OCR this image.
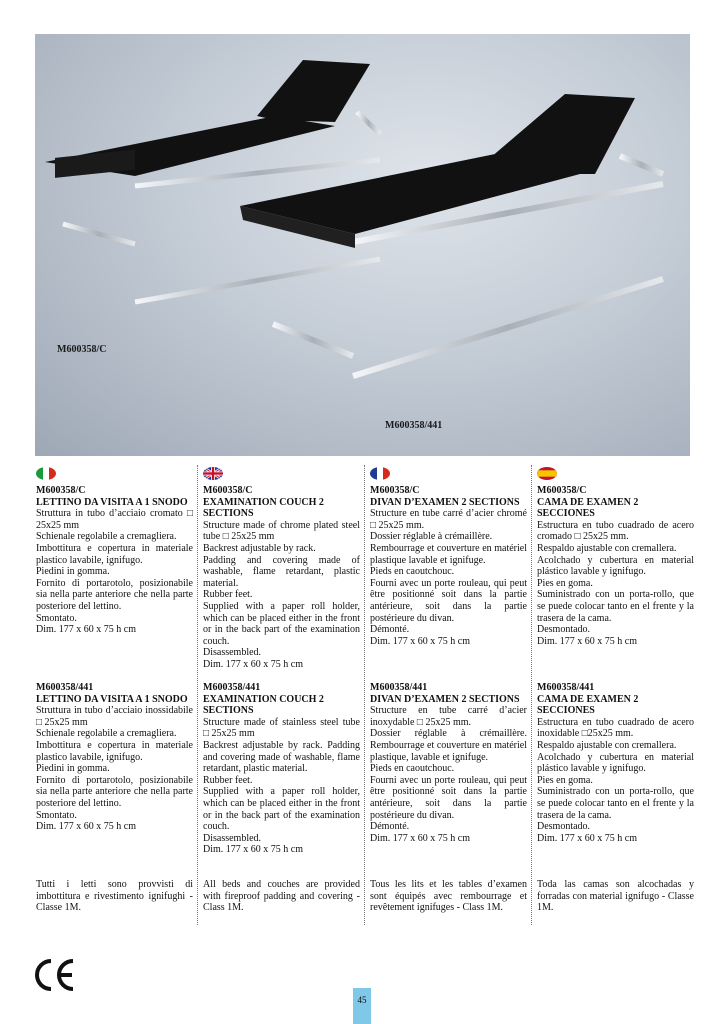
M600358/C
M600358/441
M600358/C
LETTINO DA VISITA A 1 SNODO
Struttura in tubo d’acciaio cromato □ 25x25 mm
Schienale regolabile a cremagliera.
Imbottitura e copertura in materiale plastico lavabile, ignifugo.
Piedini in gomma.
Fornito di portarotolo, posizionabile sia nella parte anteriore che nella parte posteriore del lettino.
Smontato.
Dim. 177 x 60 x 75 h cm
M600358/441
LETTINO DA VISITA A 1 SNODO
Struttura in tubo d’acciaio inossidabile □ 25x25 mm
Schienale regolabile a cremagliera.
Imbottitura e copertura in materiale plastico lavabile, ignifugo.
Piedini in gomma.
Fornito di portarotolo, posizionabile sia nella parte anteriore che nella parte posteriore del lettino.
Smontato.
Dim. 177 x 60 x 75 h cm
Tutti i letti sono provvisti di imbottitura e rivestimento ignifughi - Classe 1M.
M600358/C
EXAMINATION COUCH 2 SECTIONS
Structure made of chrome plated steel tube □ 25x25 mm
Backrest adjustable by rack.
Padding and covering made of washable, flame retardant, plastic material.
Rubber feet.
Supplied with a paper roll holder, which can be placed either in the front or in the back part of the examination couch.
Disassembled.
Dim. 177 x 60 x 75 h cm
M600358/441
EXAMINATION COUCH 2 SECTIONS
Structure made of stainless steel tube □ 25x25 mm
Backrest adjustable by rack. Padding and covering made of washable, flame retardant, plastic material.
Rubber feet.
Supplied with a paper roll holder, which can be placed either in the front or in the back part of the examination couch.
Disassembled.
Dim. 177 x 60 x 75 h cm
All beds and couches are provided with fireproof padding and covering - Class 1M.
M600358/C
DIVAN D’EXAMEN 2 SECTIONS
Structure en tube carré d’acier chromé □ 25x25 mm.
Dossier réglable à crémaillère.
Rembourrage et couverture en matériel plastique lavable et ignifuge.
Pieds en caoutchouc.
Fourni avec un porte rouleau, qui peut être positionné soit dans la partie antérieure, soit dans la partie postérieure du divan.
Démonté.
Dim. 177 x 60 x 75 h cm
M600358/441
DIVAN D’EXAMEN 2 SECTIONS
Structure en tube carré d’acier inoxydable □ 25x25 mm.
Dossier réglable à crémaillère. Rembourrage et couverture en matériel plastique, lavable et ignifuge.
Pieds en caoutchouc.
Fourni avec un porte rouleau, qui peut être positionné soit dans la partie antérieure, soit dans la partie postérieure du divan.
Démonté.
Dim. 177 x 60 x 75 h cm
Tous les lits et les tables d’examen sont équipés avec rembourrage et revêtement ignifuges - Class 1M.
M600358/C
CAMA DE EXAMEN 2 SECCIONES
Estructura en tubo cuadrado de acero cromado □ 25x25 mm.
Respaldo ajustable con cremallera.
Acolchado y cubertura en material plástico lavable y ignifugo.
Pies en goma.
Suministrado con un porta-rollo, que se puede colocar tanto en el frente y la trasera de la cama.
Desmontado.
Dim. 177 x 60 x 75 h cm
M600358/441
CAMA DE EXAMEN 2 SECCIONES
Estructura en tubo cuadrado de acero inoxidable □25x25 mm.
Respaldo ajustable con cremallera.
Acolchado y cubertura en material plástico lavable y ignifugo.
Pies en goma.
Suministrado con un porta-rollo, que se puede colocar tanto en el frente y la trasera de la cama.
Desmontado.
Dim. 177 x 60 x 75 h cm
Toda las camas son alcochadas y forradas con material ignifugo - Classe 1M.
45
